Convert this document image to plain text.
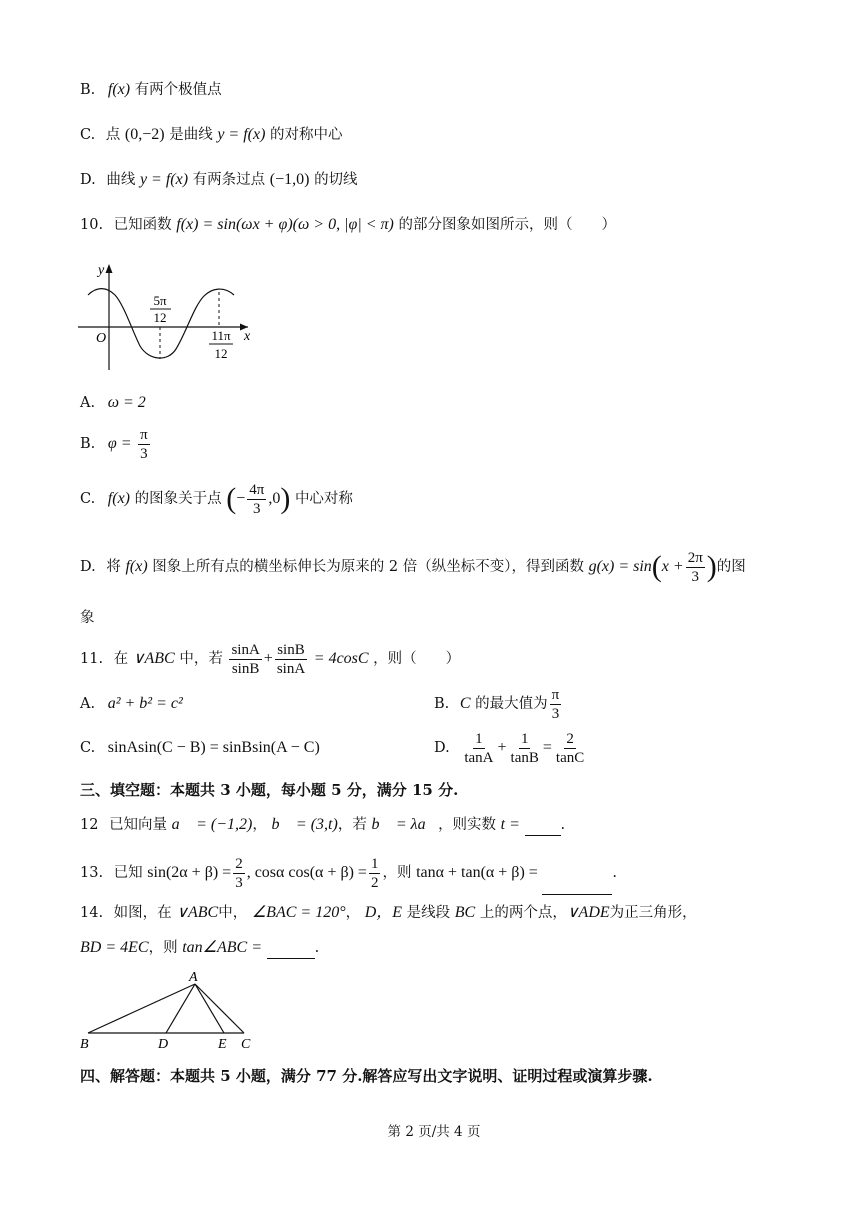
B. f(x) 有两个极值点
C. 点 (0,−2) 是曲线 y = f(x) 的对称中心
D. 曲线 y = f(x) 有两条过点 (−1,0) 的切线
10. 已知函数 f(x) = sin(ωx + φ)(ω > 0, |φ| < π) 的部分图象如图所示，则（　　）
y
x
O
5π
12
11π
12
A. ω = 2
B. $\varphi = \frac{\pi}{3}$
C. f(x) 的图象关于点 (− $\frac{4\pi}{3} ,0$) 中心对称
D. 将 f(x) 图象上所有点的横坐标伸长为原来的 2 倍（纵坐标不变），得到函数 $g(x) = \sin(x + \frac{2\pi}{3}$ )的图
象
11. 在 ∨ABC 中，若 $\frac{\sin A}{\sin B} + \frac{\sin B}{\sin A} = 4\cos C$ ，则（　　）
A. a² + b² = c²	B. C 的最大值为 $\frac{\pi}{3}$
C. sinAsin(C − B) = sinBsin(A − C)	D. $\frac{1}{\tan A} + \frac{1}{\tan B} = \frac{2}{\tan C}$
三、填空题：本题共 3 小题，每小题 5 分，满分 15 分.
12 已知向量 a⃗ = (−1,2)， b⃗ = (3,t)，若 b⃗ = λa⃗，则实数 t =	.
13. 已知 $\sin(2\alpha + \beta) = \frac{2}{3}$ , cosα $\cos(\alpha + \beta) = \frac{1}{2}$ ，则 tanα + tan(α + β) =	.
14. 如图，在 ∨ABC中， ∠BAC = 120°， D，E 是线段 BC 上的两个点，∨ADE为正三角形，
BD = 4EC，则 tan∠ABC =	.
A
B	D	E C
四、解答题：本题共 5 小题，满分 77 分.解答应写出文字说明、证明过程或演算步骤.
第 2 页/共 4 页
